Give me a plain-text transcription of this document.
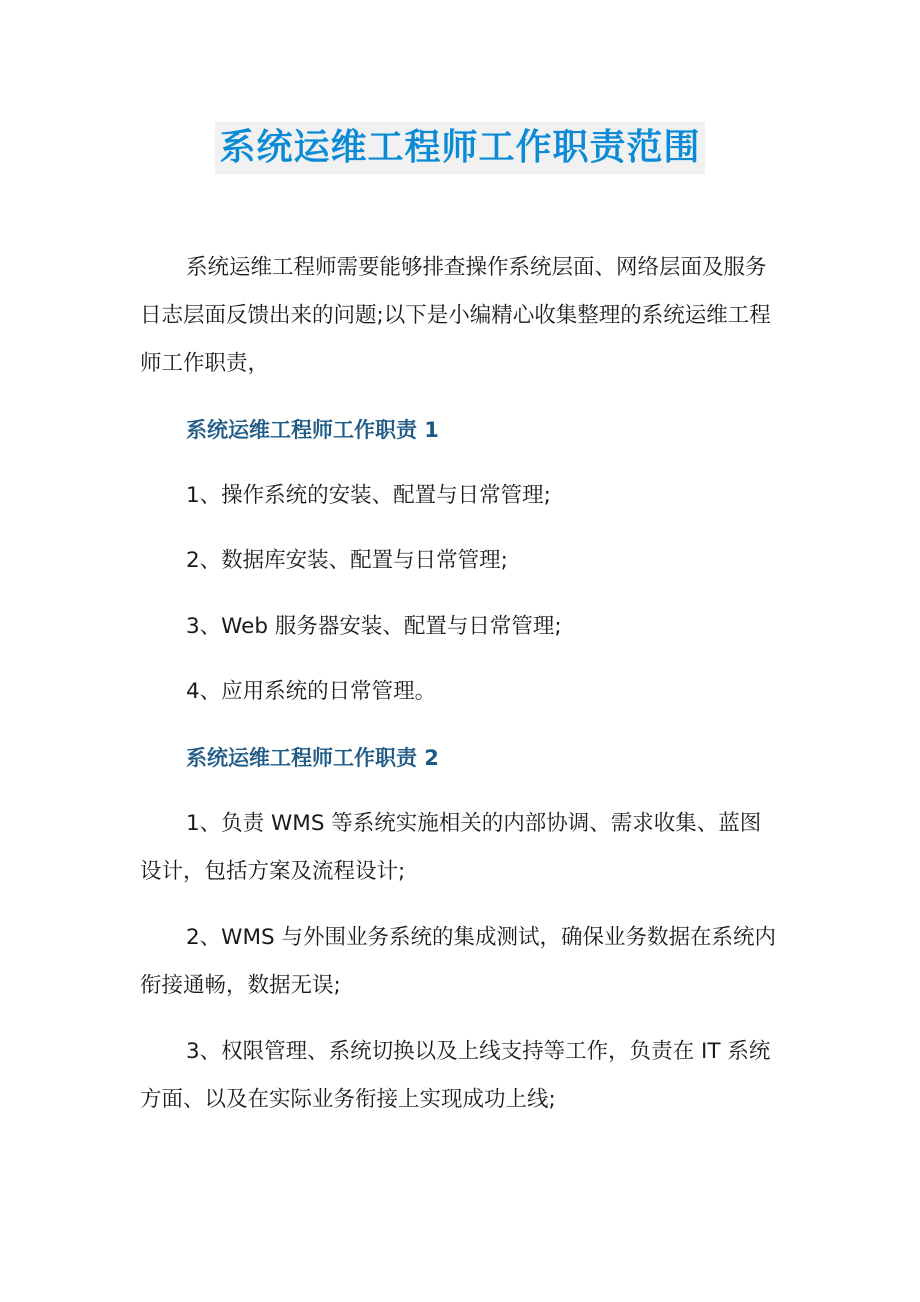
系统运维工程师工作职责范围

系统运维工程师需要能够排查操作系统层面、网络层面及服务日志层面反馈出来的问题;以下是小编精心收集整理的系统运维工程师工作职责，

系统运维工程师工作职责 1

1、操作系统的安装、配置与日常管理;

2、数据库安装、配置与日常管理;

3、Web 服务器安装、配置与日常管理;

4、应用系统的日常管理。

系统运维工程师工作职责 2

1、负责 WMS 等系统实施相关的内部协调、需求收集、蓝图设计，包括方案及流程设计;

2、WMS 与外围业务系统的集成测试，确保业务数据在系统内衔接通畅，数据无误;

3、权限管理、系统切换以及上线支持等工作，负责在 IT 系统方面、以及在实际业务衔接上实现成功上线;
